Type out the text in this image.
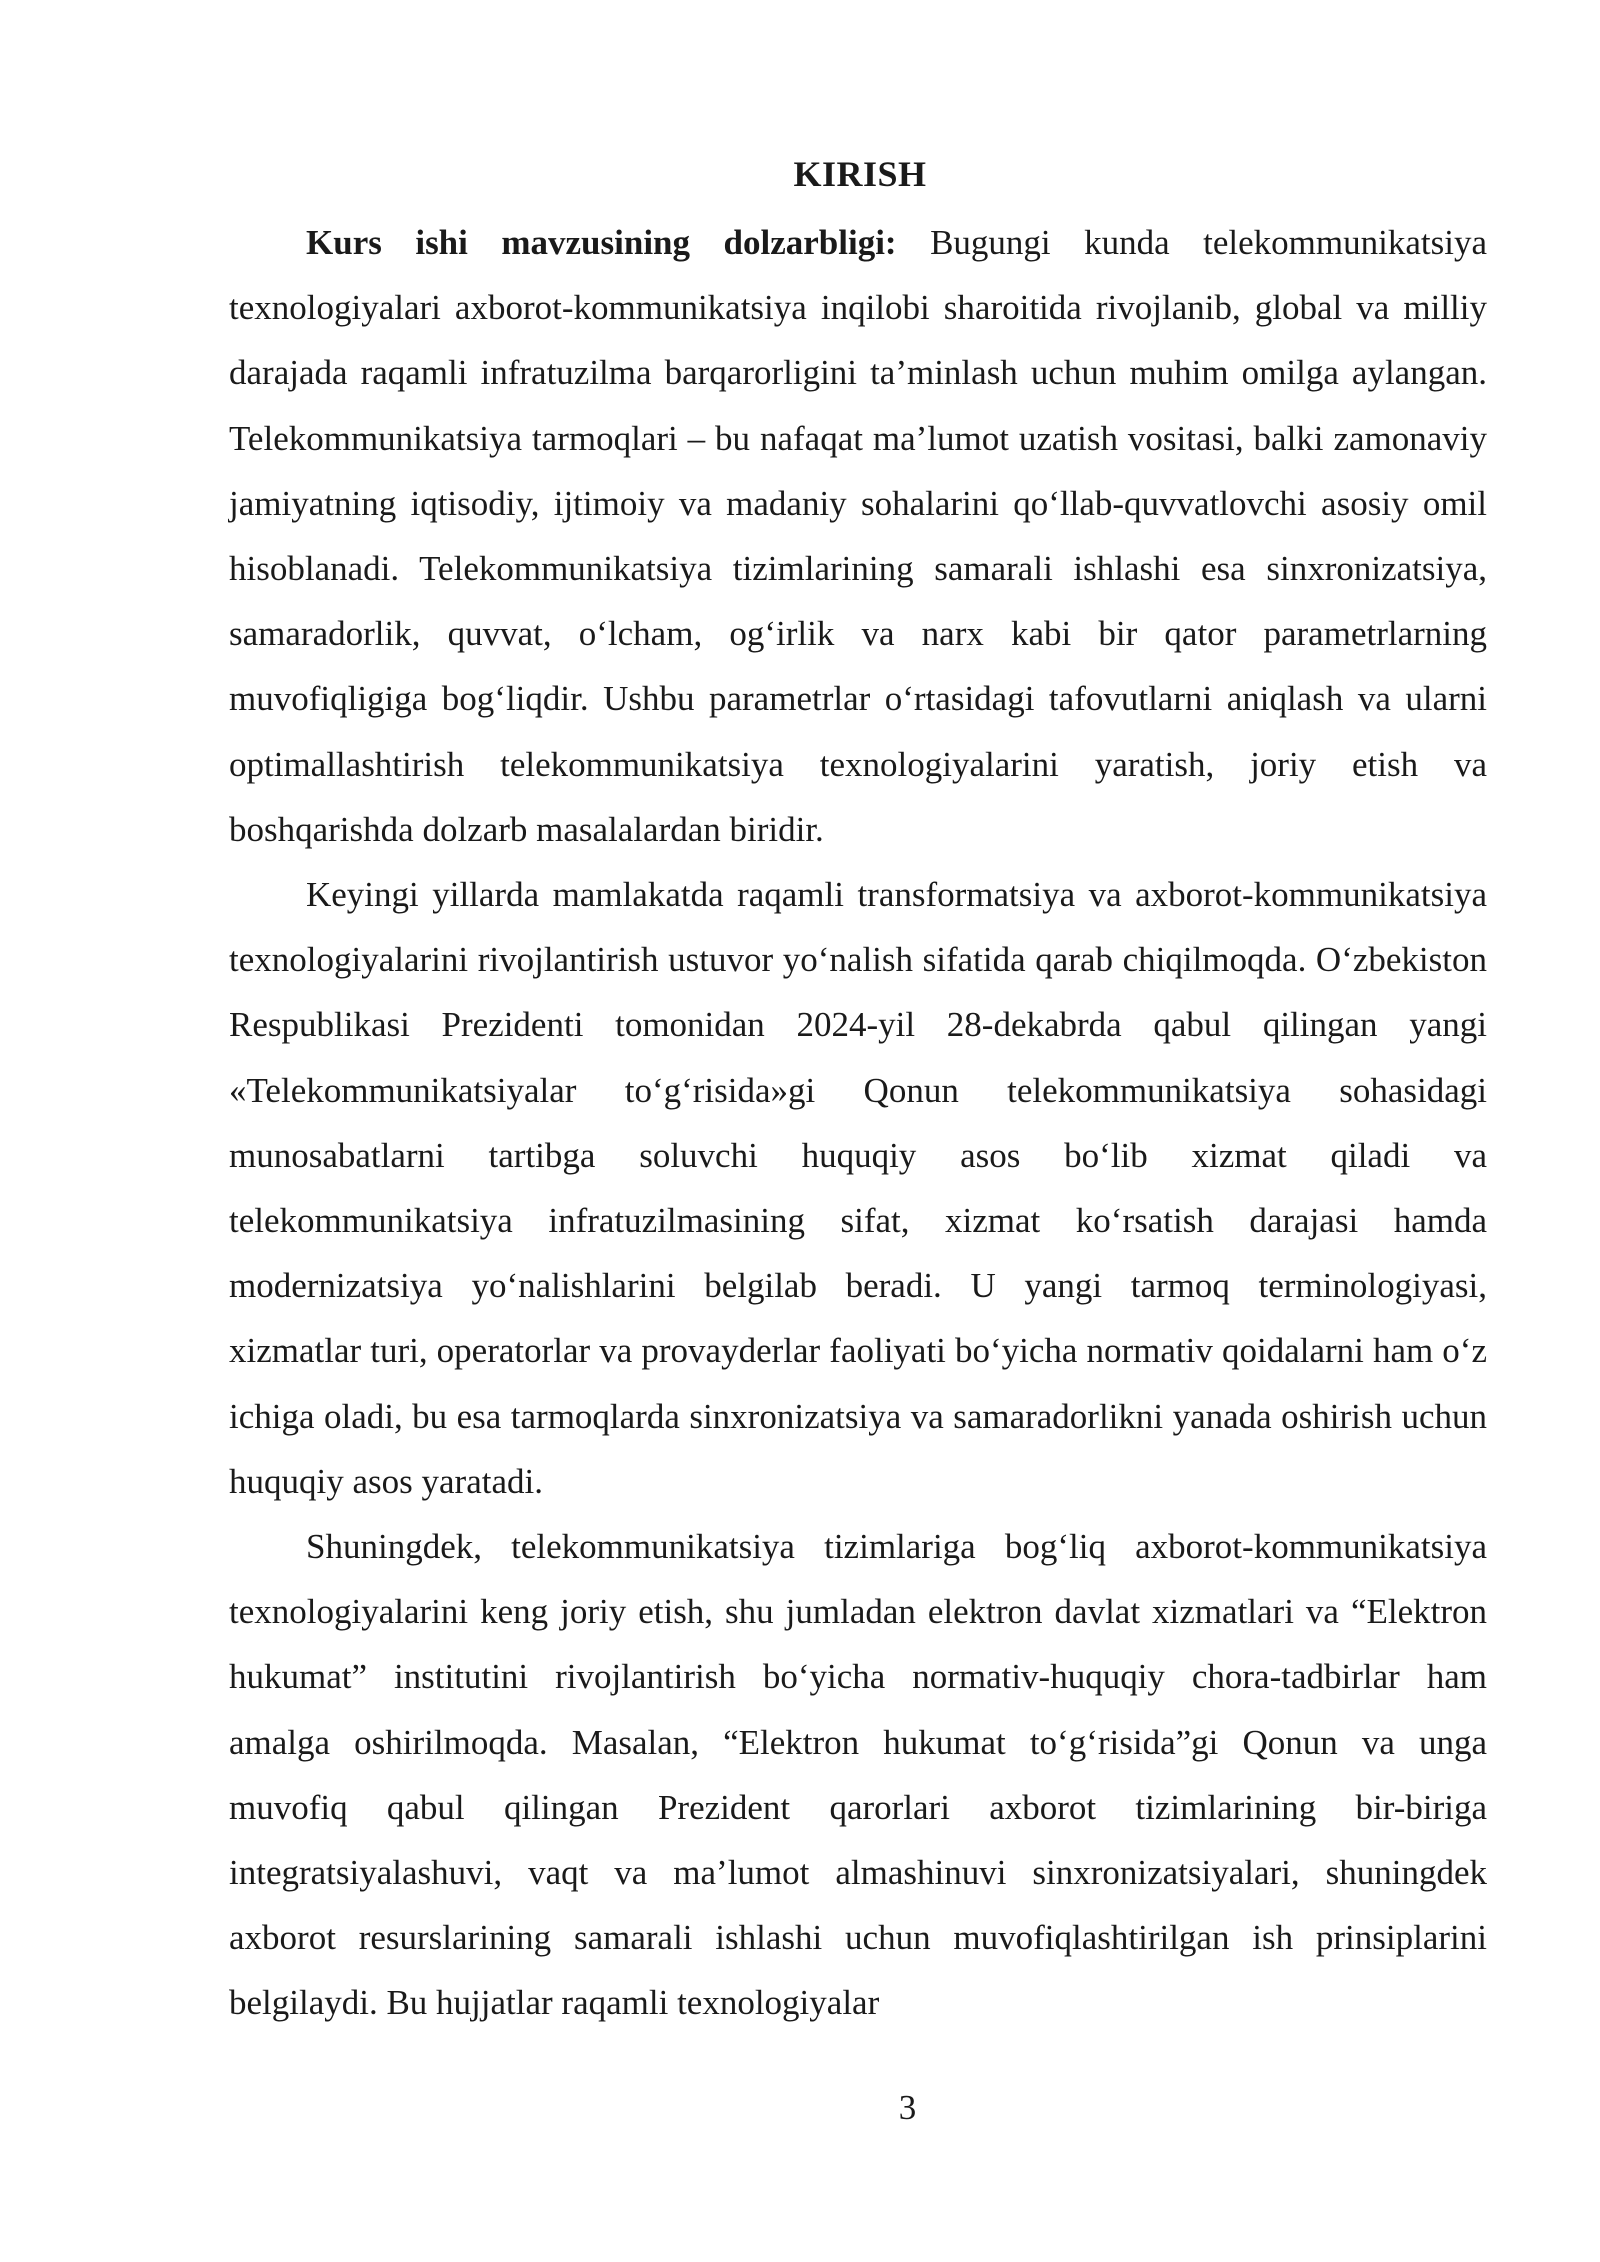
KIRISH

Kurs ishi mavzusining dolzarbligi: Bugungi kunda telekommunikatsiya texnologiyalari axborot-kommunikatsiya inqilobi sharoitida rivojlanib, global va milliy darajada raqamli infratuzilma barqarorligini ta’minlash uchun muhim omilga aylangan. Telekommunikatsiya tarmoqlari – bu nafaqat ma’lumot uzatish vositasi, balki zamonaviy jamiyatning iqtisodiy, ijtimoiy va madaniy sohalarini qo‘llab-quvvatlovchi asosiy omil hisoblanadi. Telekommunikatsiya tizimlarining samarali ishlashi esa sinxronizatsiya, samaradorlik, quvvat, o‘lcham, og‘irlik va narx kabi bir qator parametrlarning muvofiqligiga bog‘liqdir. Ushbu parametrlar o‘rtasidagi tafovutlarni aniqlash va ularni optimallashtirish telekommunikatsiya texnologiyalarini yaratish, joriy etish va boshqarishda dolzarb masalalardan biridir.

Keyingi yillarda mamlakatda raqamli transformatsiya va axborot-kommunikatsiya texnologiyalarini rivojlantirish ustuvor yo‘nalish sifatida qarab chiqilmoqda. O‘zbekiston Respublikasi Prezidenti tomonidan 2024-yil 28-dekabrda qabul qilingan yangi «Telekommunikatsiyalar to‘g‘risida»gi Qonun telekommunikatsiya sohasidagi munosabatlarni tartibga soluvchi huquqiy asos bo‘lib xizmat qiladi va telekommunikatsiya infratuzilmasining sifat, xizmat ko‘rsatish darajasi hamda modernizatsiya yo‘nalishlarini belgilab beradi. U yangi tarmoq terminologiyasi, xizmatlar turi, operatorlar va provayderlar faoliyati bo‘yicha normativ qoidalarni ham o‘z ichiga oladi, bu esa tarmoqlarda sinxronizatsiya va samaradorlikni yanada oshirish uchun huquqiy asos yaratadi.

Shuningdek, telekommunikatsiya tizimlariga bog‘liq axborot-kommunikatsiya texnologiyalarini keng joriy etish, shu jumladan elektron davlat xizmatlari va “Elektron hukumat” institutini rivojlantirish bo‘yicha normativ-huquqiy chora-tadbirlar ham amalga oshirilmoqda. Masalan, “Elektron hukumat to‘g‘risida”gi Qonun va unga muvofiq qabul qilingan Prezident qarorlari axborot tizimlarining bir-biriga integratsiyalashuvi, vaqt va ma’lumot almashinuvi sinxronizatsiyalari, shuningdek axborot resurslarining samarali ishlashi uchun muvofiqlashtirilgan ish prinsiplarini belgilaydi. Bu hujjatlar raqamli texnologiyalar

3
